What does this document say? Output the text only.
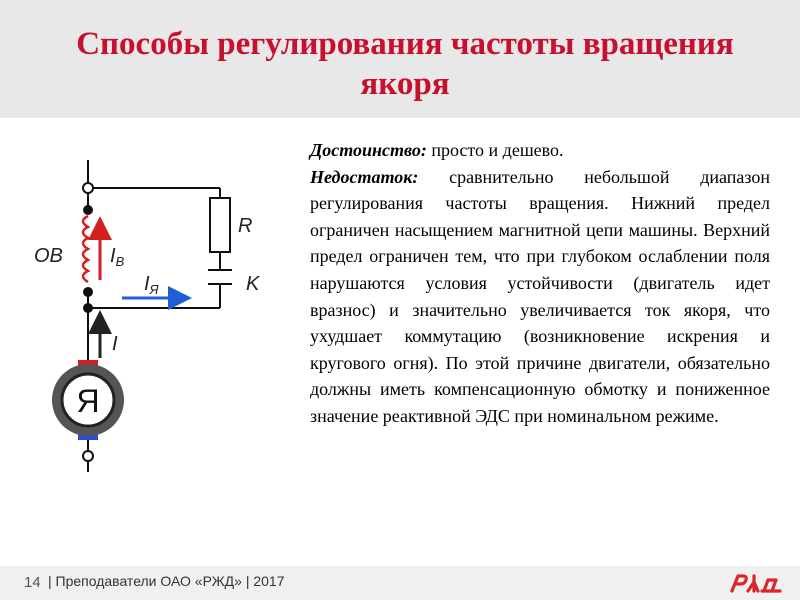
Способы регулирования частоты вращения
якоря
ОВ $I_В$
$I_Я$
R
K
I
Я

Достоинство: просто и дешево.

Недостаток: сравнительно небольшой диапазон регулирования частоты вращения. Нижний предел ограничен насыщением магнитной цепи машины. Верхний предел ограничен тем, что при глубоком ослаблении поля нарушаются условия устойчивости (двигатель идет вразнос) и значительно увеличивается ток якоря, что ухудшает коммутацию (возникновение искрения и кругового огня). По этой причине двигатели, обязательно должны иметь компенсационную обмотку и пониженное значение реактивной ЭДС при номинальном режиме.

14 | Преподаватели ОАО «РЖД» | 2017
